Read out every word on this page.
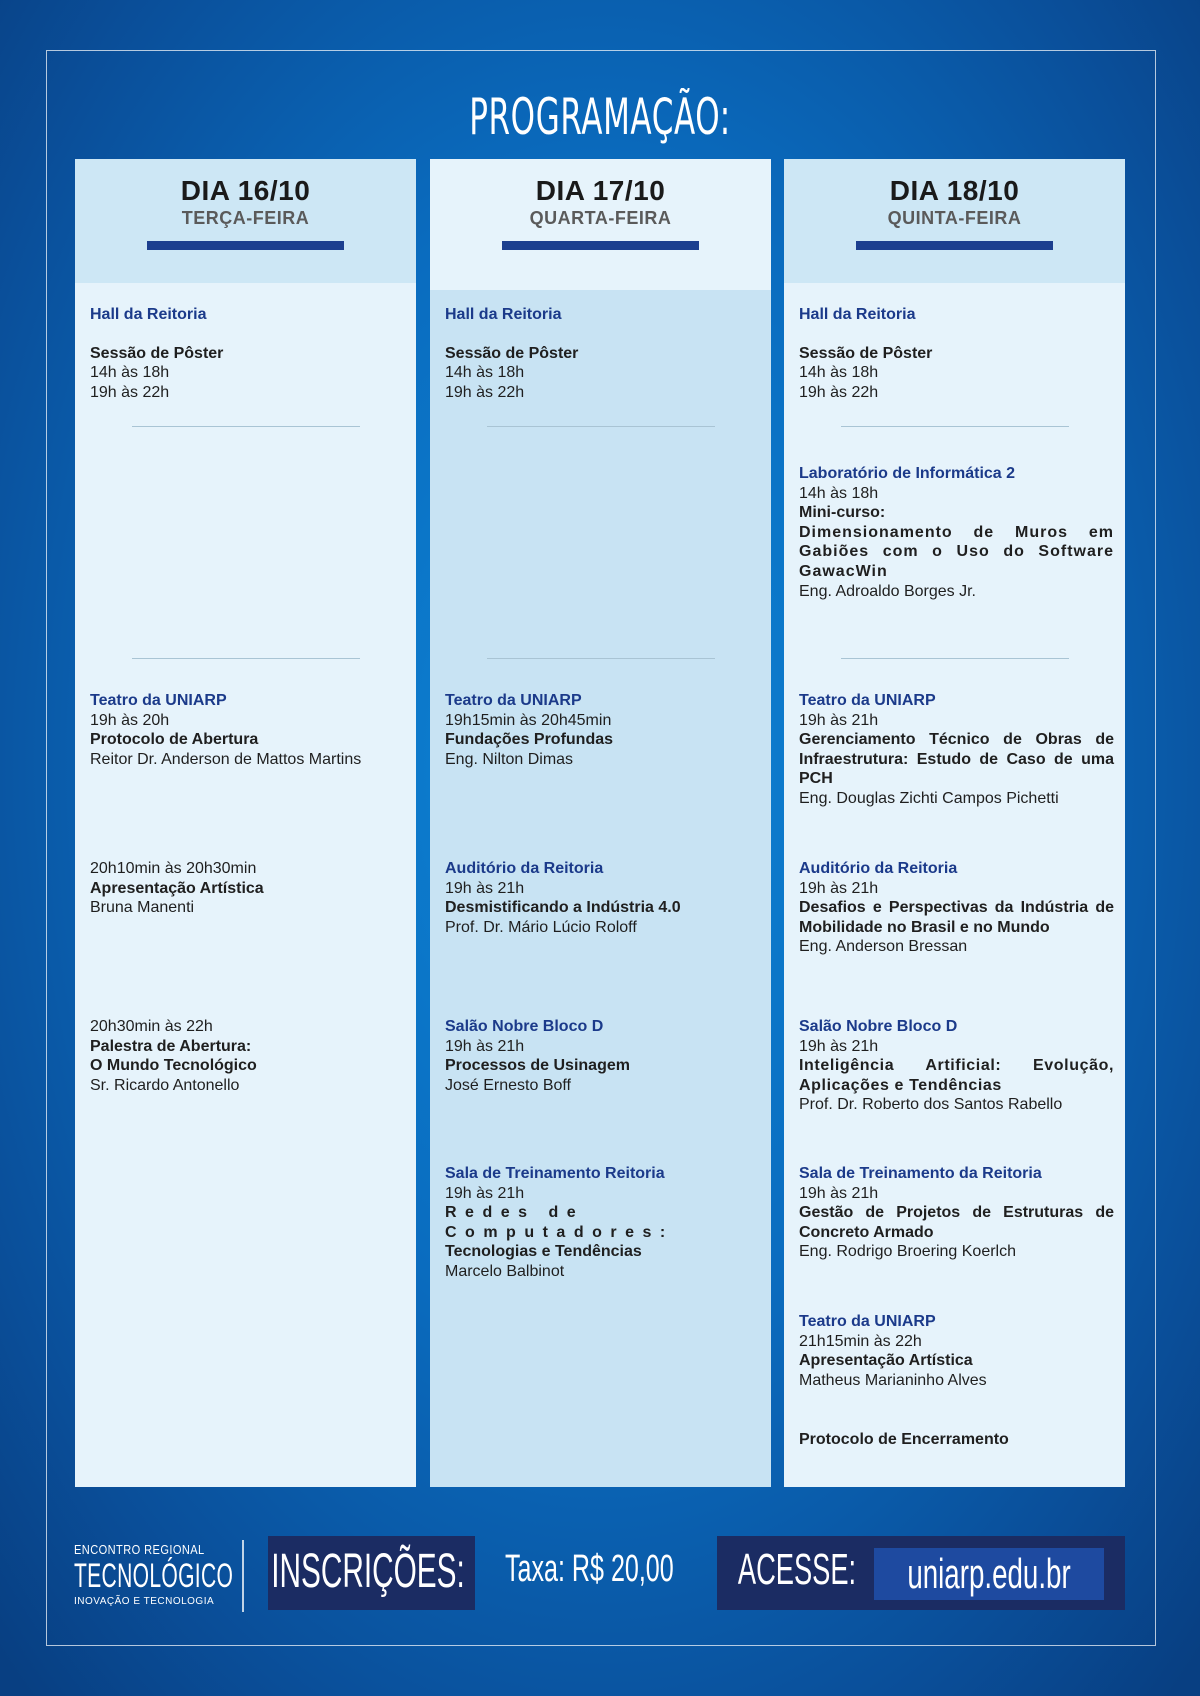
PROGRAMAÇÃO:
DIA 16/10
TERÇA-FEIRA
Hall da Reitoria
Sessão de Pôster
14h às 18h
19h às 22h
Teatro da UNIARP
19h às 20h
Protocolo de Abertura
Reitor Dr. Anderson de Mattos Martins
20h10min às 20h30min
Apresentação Artística
Bruna Manenti
20h30min às 22h
Palestra de Abertura:
O Mundo Tecnológico
Sr. Ricardo Antonello
DIA 17/10
QUARTA-FEIRA
Hall da Reitoria
Sessão de Pôster
14h às 18h
19h às 22h
Teatro da UNIARP
19h15min às 20h45min
Fundações Profundas
Eng. Nilton Dimas
Auditório da Reitoria
19h às 21h
Desmistificando a Indústria 4.0
Prof. Dr. Mário Lúcio Roloff
Salão Nobre Bloco D
19h às 21h
Processos de Usinagem
José Ernesto Boff
Sala de Treinamento Reitoria
19h às 21h
Redes de Computadores:
Tecnologias e Tendências
Marcelo Balbinot
DIA 18/10
QUINTA-FEIRA
Hall da Reitoria
Sessão de Pôster
14h às 18h
19h às 22h
Laboratório de Informática 2
14h às 18h
Mini-curso:
Dimensionamento de Muros em Gabiões com o Uso do Software GawacWin
Eng. Adroaldo Borges Jr.
Teatro da UNIARP
19h às 21h
Gerenciamento Técnico de Obras de Infraestrutura: Estudo de Caso de uma PCH
Eng. Douglas Zichti Campos Pichetti
Auditório da Reitoria
19h às 21h
Desafios e Perspectivas da Indústria de Mobilidade no Brasil e no Mundo
Eng. Anderson Bressan
Salão Nobre Bloco D
19h às 21h
Inteligência Artificial: Evolução, Aplicações e Tendências
Prof. Dr. Roberto dos Santos Rabello
Sala de Treinamento da Reitoria
19h às 21h
Gestão de Projetos de Estruturas de Concreto Armado
Eng. Rodrigo Broering Koerlch
Teatro da UNIARP
21h15min às 22h
Apresentação Artística
Matheus Marianinho Alves
Protocolo de Encerramento
ENCONTRO REGIONAL
TECNOLÓGICO
INOVAÇÃO E TECNOLOGIA
INSCRIÇÕES: Taxa: R$ 20,00 ACESSE: uniarp.edu.br
